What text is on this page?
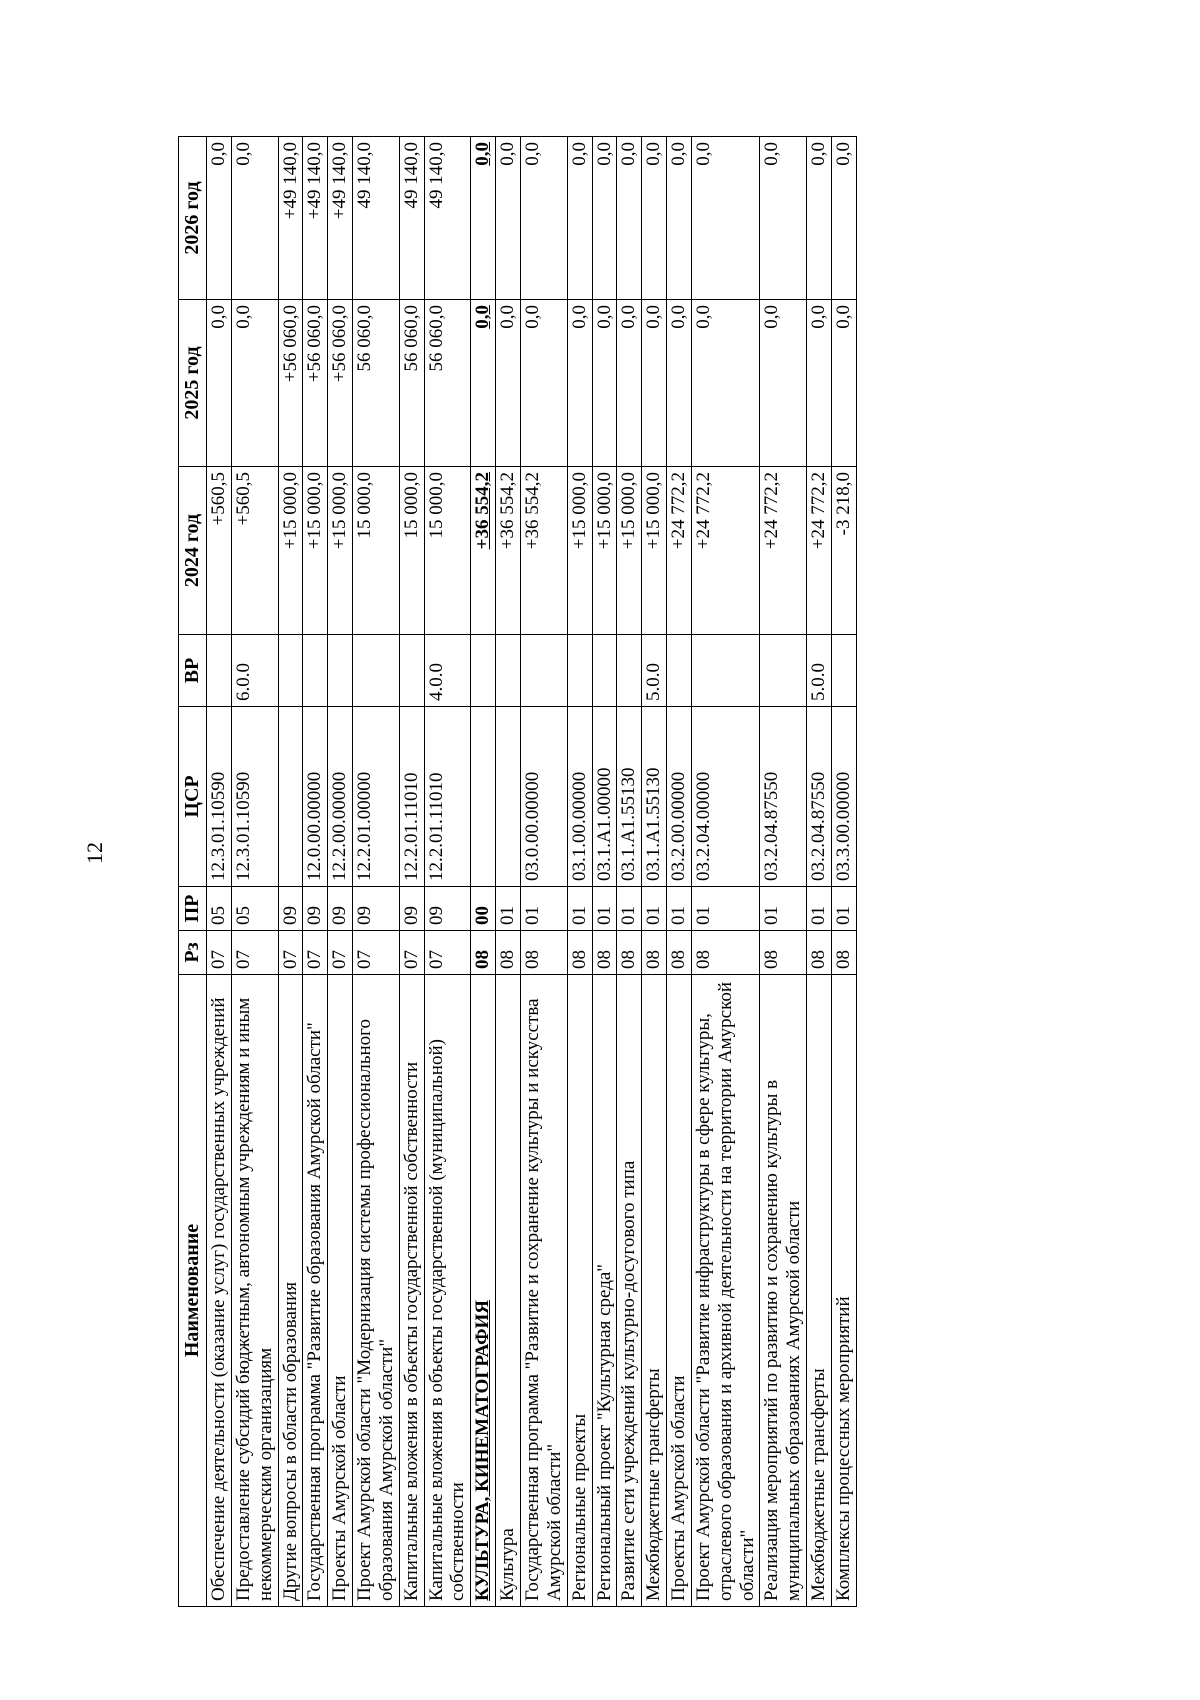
12
Наименование	Рз	ПР	ЦСР	ВР	2024 год	2025 год	2026 год
Обеспечение деятельности (оказание услуг) государственных учреждений	07	05	12.3.01.10590		+560,5	0,0	0,0
Предоставление субсидий бюджетным, автономным учреждениям и иным некоммерческим организациям	07	05	12.3.01.10590	6.0.0	+560,5	0,0	0,0
Другие вопросы в области образования	07	09			+15 000,0	+56 060,0	+49 140,0
Государственная программа "Развитие образования Амурской области"	07	09	12.0.00.00000		+15 000,0	+56 060,0	+49 140,0
Проекты Амурской области	07	09	12.2.00.00000		+15 000,0	+56 060,0	+49 140,0
Проект Амурской области "Модернизация системы профессионального образования Амурской области"	07	09	12.2.01.00000		15 000,0	56 060,0	49 140,0
Капитальные вложения в объекты государственной собственности	07	09	12.2.01.11010		15 000,0	56 060,0	49 140,0
Капитальные вложения в объекты государственной (муниципальной) собственности	07	09	12.2.01.11010	4.0.0	15 000,0	56 060,0	49 140,0
КУЛЬТУРА, КИНЕМАТОГРАФИЯ	08	00			+36 554,2	0,0	0,0
Культура	08	01			+36 554,2	0,0	0,0
Государственная программа "Развитие и сохранение культуры и искусства Амурской области"	08	01	03.0.00.00000		+36 554,2	0,0	0,0
Региональные проекты	08	01	03.1.00.00000		+15 000,0	0,0	0,0
Региональный проект "Культурная среда"	08	01	03.1.A1.00000		+15 000,0	0,0	0,0
Развитие сети учреждений культурно-досугового типа	08	01	03.1.A1.55130		+15 000,0	0,0	0,0
Межбюджетные трансферты	08	01	03.1.A1.55130	5.0.0	+15 000,0	0,0	0,0
Проекты Амурской области	08	01	03.2.00.00000		+24 772,2	0,0	0,0
Проект Амурской области "Развитие инфраструктуры в сфере культуры, отраслевого образования и архивной деятельности на территории Амурской области"	08	01	03.2.04.00000		+24 772,2	0,0	0,0
Реализация мероприятий по развитию и сохранению культуры в муниципальных образованиях Амурской области	08	01	03.2.04.87550		+24 772,2	0,0	0,0
Межбюджетные трансферты	08	01	03.2.04.87550	5.0.0	+24 772,2	0,0	0,0
Комплексы процессных мероприятий	08	01	03.3.00.00000		-3 218,0	0,0	0,0
